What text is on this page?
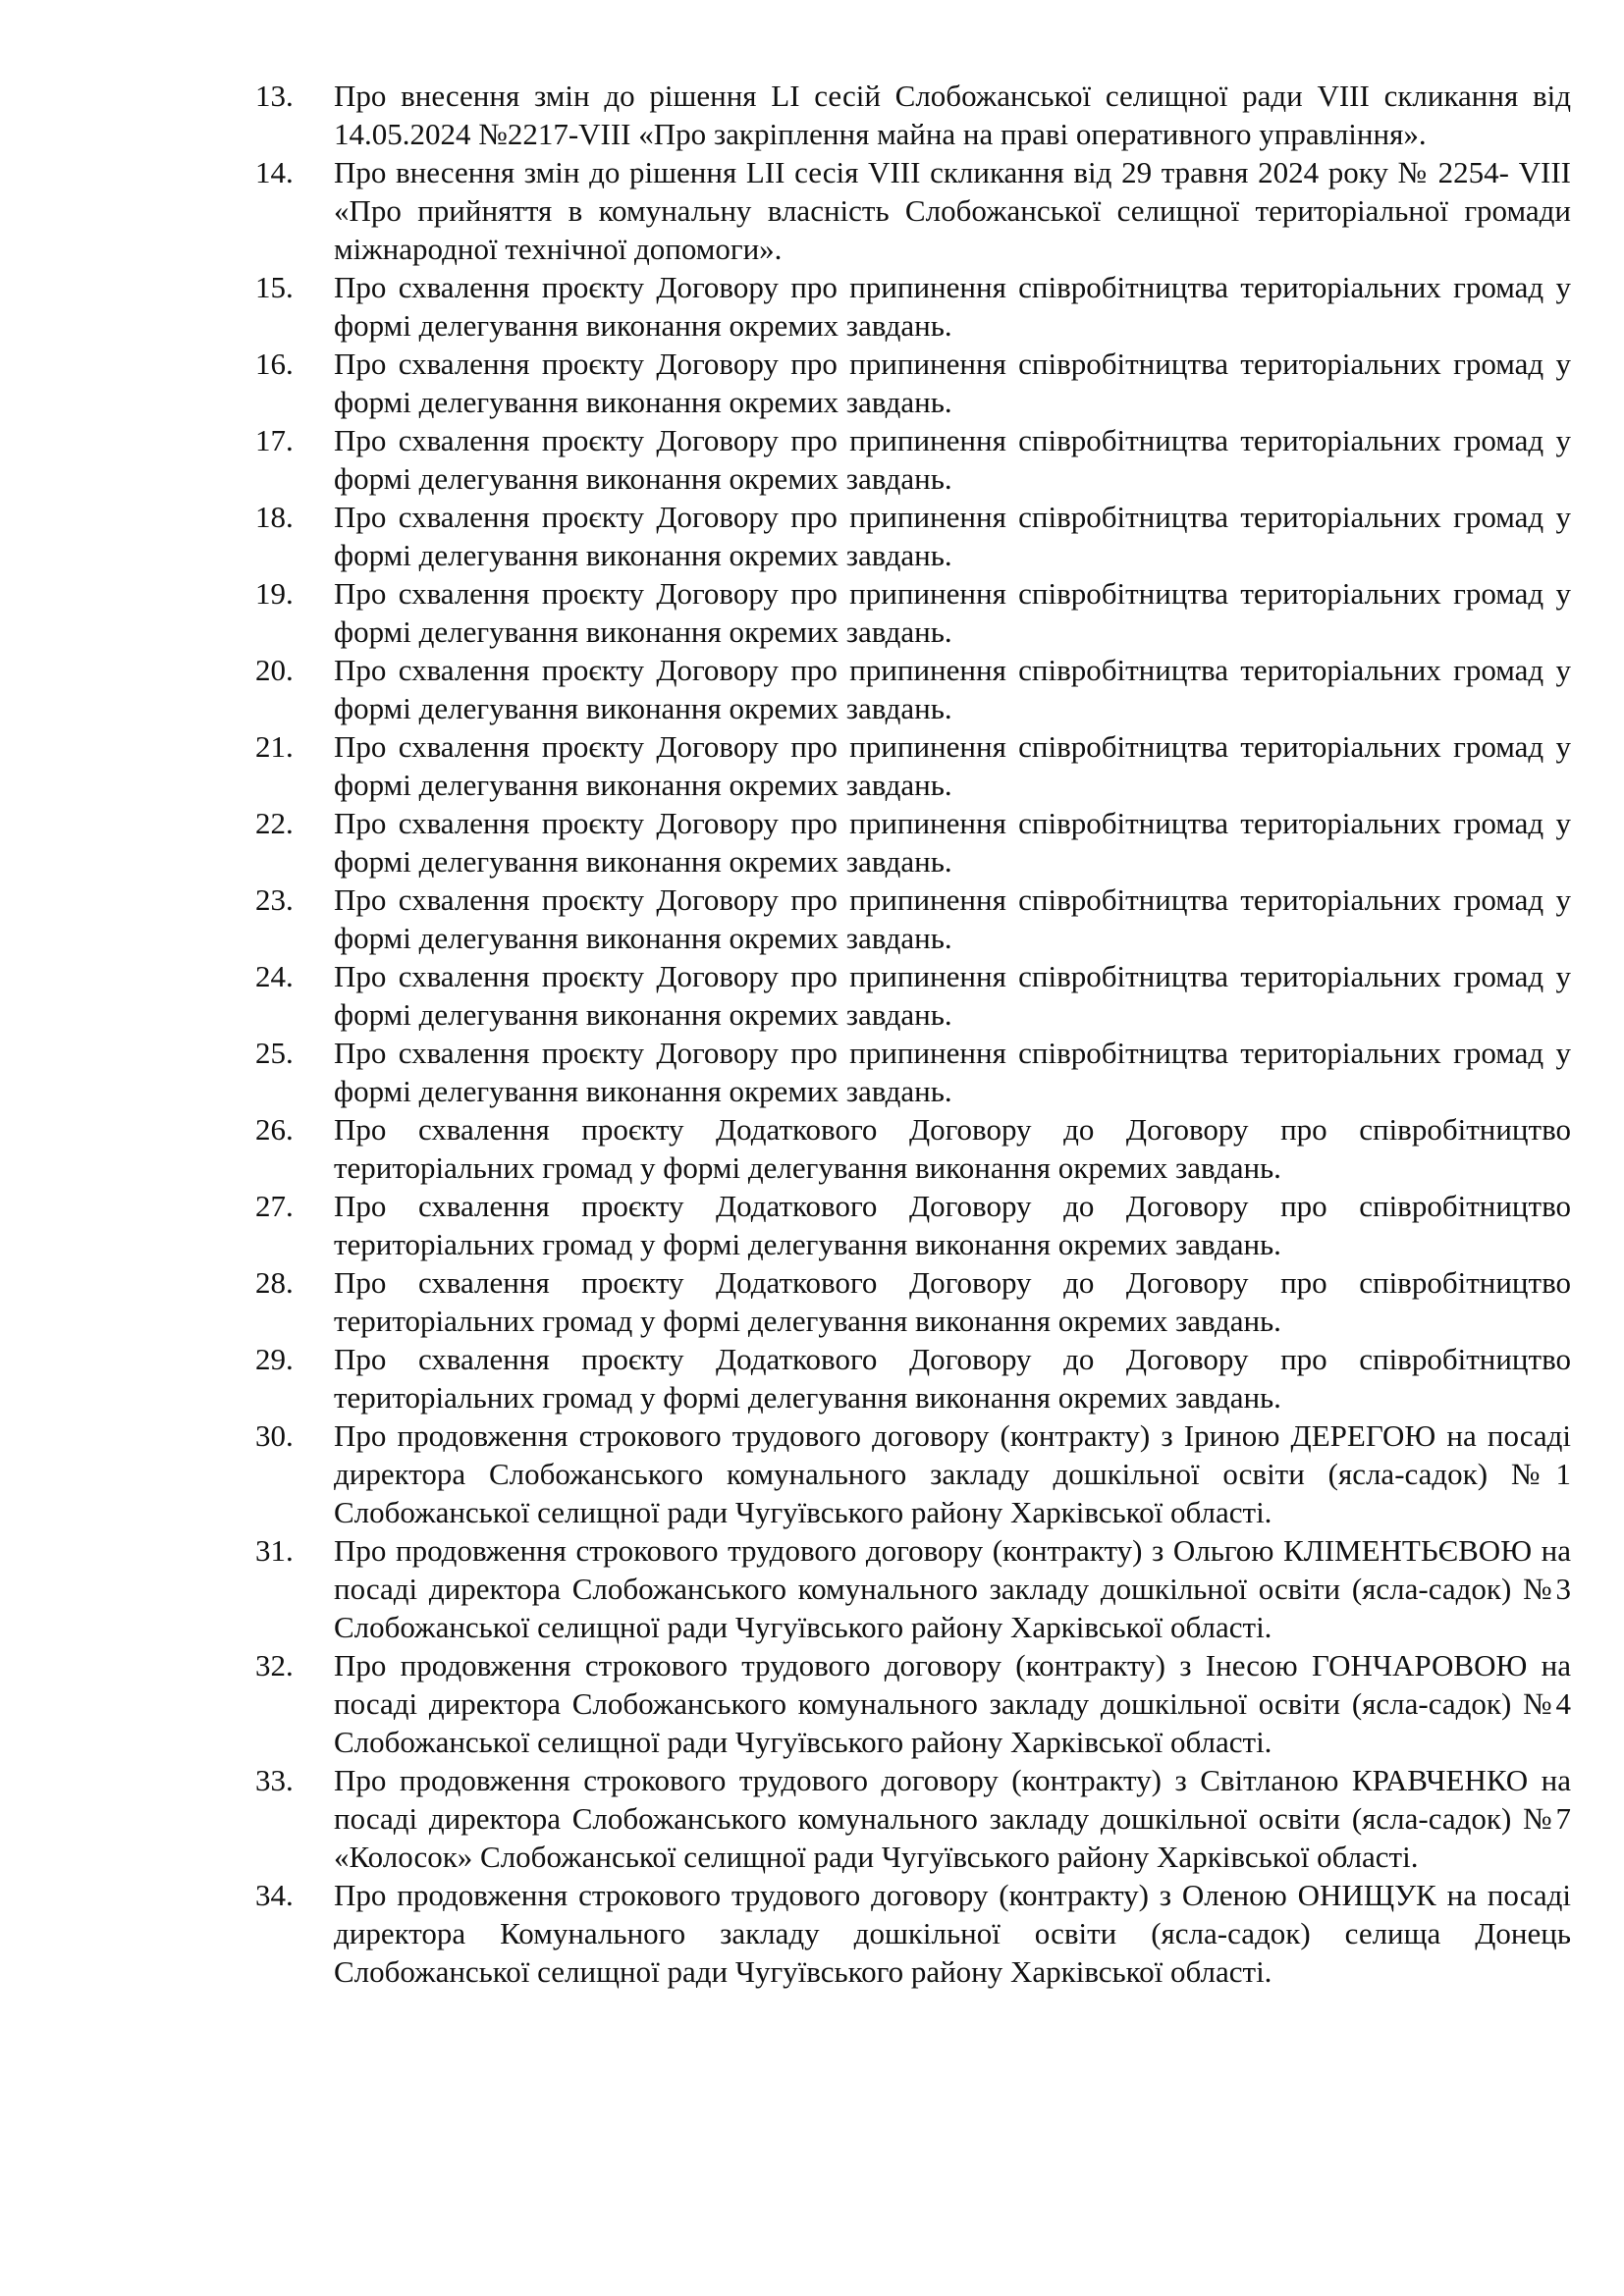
13.	Про внесення змін до рішення LI сесій Слобожанської селищної ради VIII скликання від 14.05.2024 №2217-VIII «Про закріплення майна на праві оперативного управління».
14.	Про внесення змін до рішення LII сесія VIII скликання від 29 травня 2024 року № 2254- VIII «Про прийняття в комунальну власність Слобожанської селищної територіальної громади міжнародної технічної допомоги».
15.	Про схвалення проєкту Договору про припинення співробітництва територіальних громад у формі делегування виконання окремих завдань.
16.	Про схвалення проєкту Договору про припинення співробітництва територіальних громад у формі делегування виконання окремих завдань.
17.	Про схвалення проєкту Договору про припинення співробітництва територіальних громад у формі делегування виконання окремих завдань.
18.	Про схвалення проєкту Договору про припинення співробітництва територіальних громад у формі делегування виконання окремих завдань.
19.	Про схвалення проєкту Договору про припинення співробітництва територіальних громад у формі делегування виконання окремих завдань.
20.	Про схвалення проєкту Договору про припинення співробітництва територіальних громад у формі делегування виконання окремих завдань.
21.	Про схвалення проєкту Договору про припинення співробітництва територіальних громад у формі делегування виконання окремих завдань.
22.	Про схвалення проєкту Договору про припинення співробітництва територіальних громад у формі делегування виконання окремих завдань.
23.	Про схвалення проєкту Договору про припинення співробітництва територіальних громад у формі делегування виконання окремих завдань.
24.	Про схвалення проєкту Договору про припинення співробітництва територіальних громад у формі делегування виконання окремих завдань.
25.	Про схвалення проєкту Договору про припинення співробітництва територіальних громад у формі делегування виконання окремих завдань.
26.	Про схвалення проєкту Додаткового Договору до Договору про співробітництво територіальних громад у формі делегування виконання окремих завдань.
27.	Про схвалення проєкту Додаткового Договору до Договору про співробітництво територіальних громад у формі делегування виконання окремих завдань.
28.	Про схвалення проєкту Додаткового Договору до Договору про співробітництво територіальних громад у формі делегування виконання окремих завдань.
29.	Про схвалення проєкту Додаткового Договору до Договору про співробітництво територіальних громад у формі делегування виконання окремих завдань.
30.	Про продовження строкового трудового договору (контракту) з Іриною ДЕРЕГОЮ на посаді директора Слобожанського комунального закладу дошкільної освіти (ясла-садок) №1 Слобожанської селищної ради Чугуївського району Харківської області.
31.	Про продовження строкового трудового договору (контракту) з Ольгою КЛІМЕНТЬЄВОЮ на посаді директора Слобожанського комунального закладу дошкільної освіти (ясла-садок) №3 Слобожанської селищної ради Чугуївського району Харківської області.
32.	Про продовження строкового трудового договору (контракту) з Інесою ГОНЧАРОВОЮ на посаді директора Слобожанського комунального закладу дошкільної освіти (ясла-садок) №4 Слобожанської селищної ради Чугуївського району Харківської області.
33.	Про продовження строкового трудового договору (контракту) з Світланою КРАВЧЕНКО на посаді директора Слобожанського комунального закладу дошкільної освіти (ясла-садок) №7 «Колосок» Слобожанської селищної ради Чугуївського району Харківської області.
34.	Про продовження строкового трудового договору (контракту) з Оленою ОНИЩУК на посаді директора Комунального закладу дошкільної освіти (ясла-садок) селища Донець Слобожанської селищної ради Чугуївського району Харківської області.
